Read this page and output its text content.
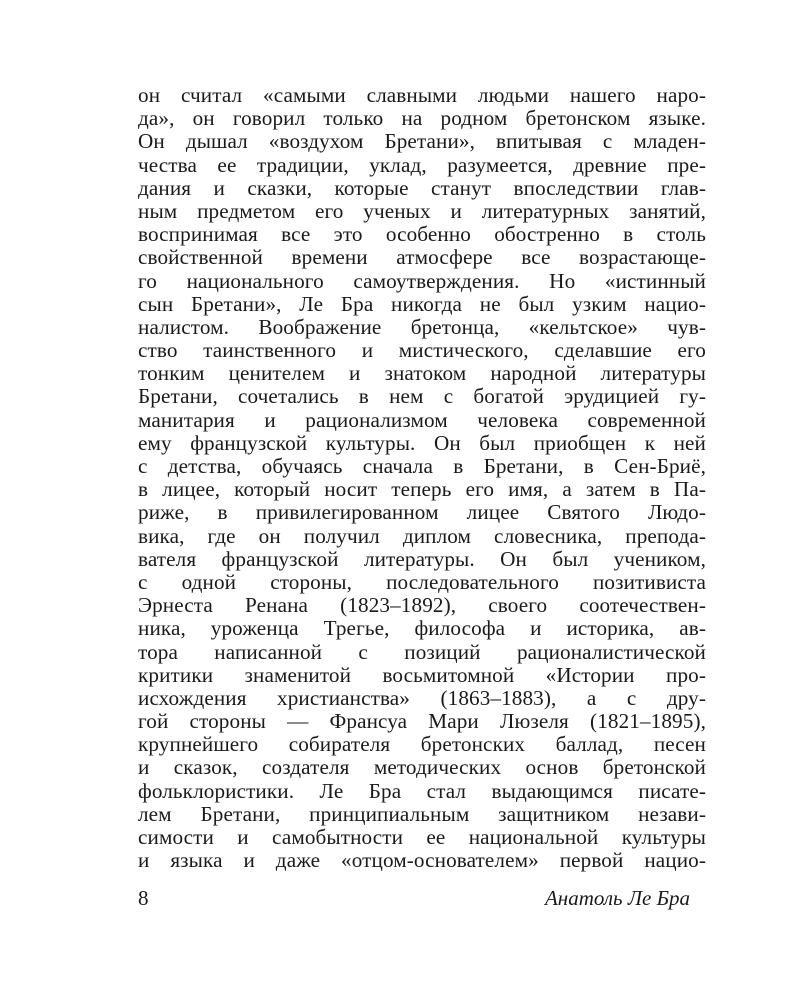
он считал «самыми славными людьми нашего наро-
да», он говорил только на родном бретонском языке.
Он дышал «воздухом Бретани», впитывая с младен-
чества ее традиции, уклад, разумеется, древние пре-
дания и сказки, которые станут впоследствии глав-
ным предметом его ученых и литературных занятий,
воспринимая все это особенно обостренно в столь
свойственной времени атмосфере все возрастающе-
го национального самоутверждения. Но «истинный
сын Бретани», Ле Бра никогда не был узким нацио-
налистом. Воображение бретонца, «кельтское» чув-
ство таинственного и мистического, сделавшие его
тонким ценителем и знатоком народной литературы
Бретани, сочетались в нем с богатой эрудицией гу-
манитария и рационализмом человека современной
ему французской культуры. Он был приобщен к ней
с детства, обучаясь сначала в Бретани, в Сен-Бриё,
в лицее, который носит теперь его имя, а затем в Па-
риже, в привилегированном лицее Святого Людо-
вика, где он получил диплом словесника, препода-
вателя французской литературы. Он был учеником,
с одной стороны, последовательного позитивиста
Эрнеста Ренана (1823–1892), своего соотечествен-
ника, уроженца Трегье, философа и историка, ав-
тора написанной с позиций рационалистической
критики знаменитой восьмитомной «Истории про-
исхождения христианства» (1863–1883), а с дру-
гой стороны — Франсуа Мари Люзеля (1821–1895),
крупнейшего собирателя бретонских баллад, песен
и сказок, создателя методических основ бретонской
фольклористики. Ле Бра стал выдающимся писате-
лем Бретани, принципиальным защитником незави-
симости и самобытности ее национальной культуры
и языка и даже «отцом-основателем» первой нацио-
8	Анатоль Ле Бра
